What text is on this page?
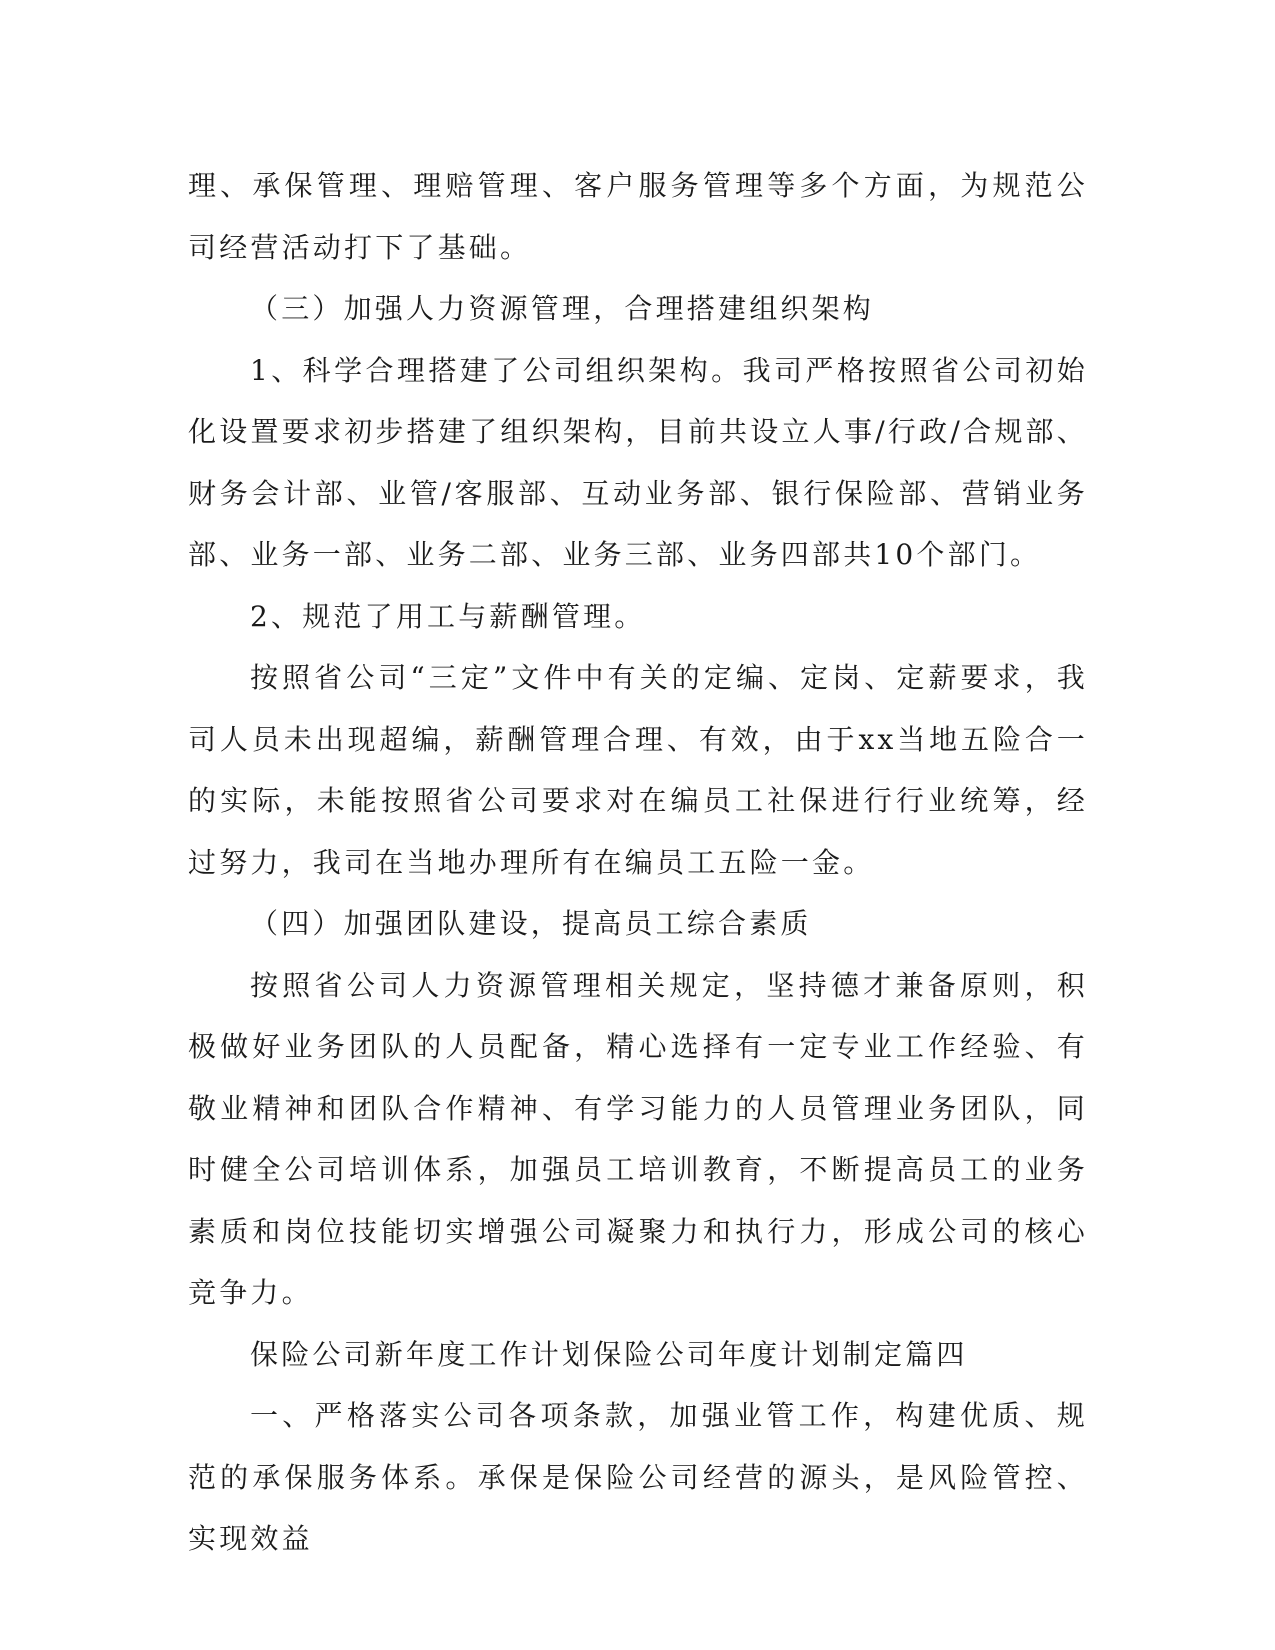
理、承保管理、理赔管理、客户服务管理等多个方面，为规范公司经营活动打下了基础。

（三）加强人力资源管理，合理搭建组织架构

1、科学合理搭建了公司组织架构。我司严格按照省公司初始化设置要求初步搭建了组织架构，目前共设立人事/行政/合规部、财务会计部、业管/客服部、互动业务部、银行保险部、营销业务部、业务一部、业务二部、业务三部、业务四部共10个部门。

2、规范了用工与薪酬管理。

按照省公司“三定”文件中有关的定编、定岗、定薪要求，我司人员未出现超编，薪酬管理合理、有效，由于xx当地五险合一的实际，未能按照省公司要求对在编员工社保进行行业统筹，经过努力，我司在当地办理所有在编员工五险一金。

（四）加强团队建设，提高员工综合素质

按照省公司人力资源管理相关规定，坚持德才兼备原则，积极做好业务团队的人员配备，精心选择有一定专业工作经验、有敬业精神和团队合作精神、有学习能力的人员管理业务团队，同时健全公司培训体系，加强员工培训教育，不断提高员工的业务素质和岗位技能切实增强公司凝聚力和执行力，形成公司的核心竞争力。

保险公司新年度工作计划保险公司年度计划制定篇四

一、严格落实公司各项条款，加强业管工作，构建优质、规范的承保服务体系。承保是保险公司经营的源头，是风险管控、实现效益
